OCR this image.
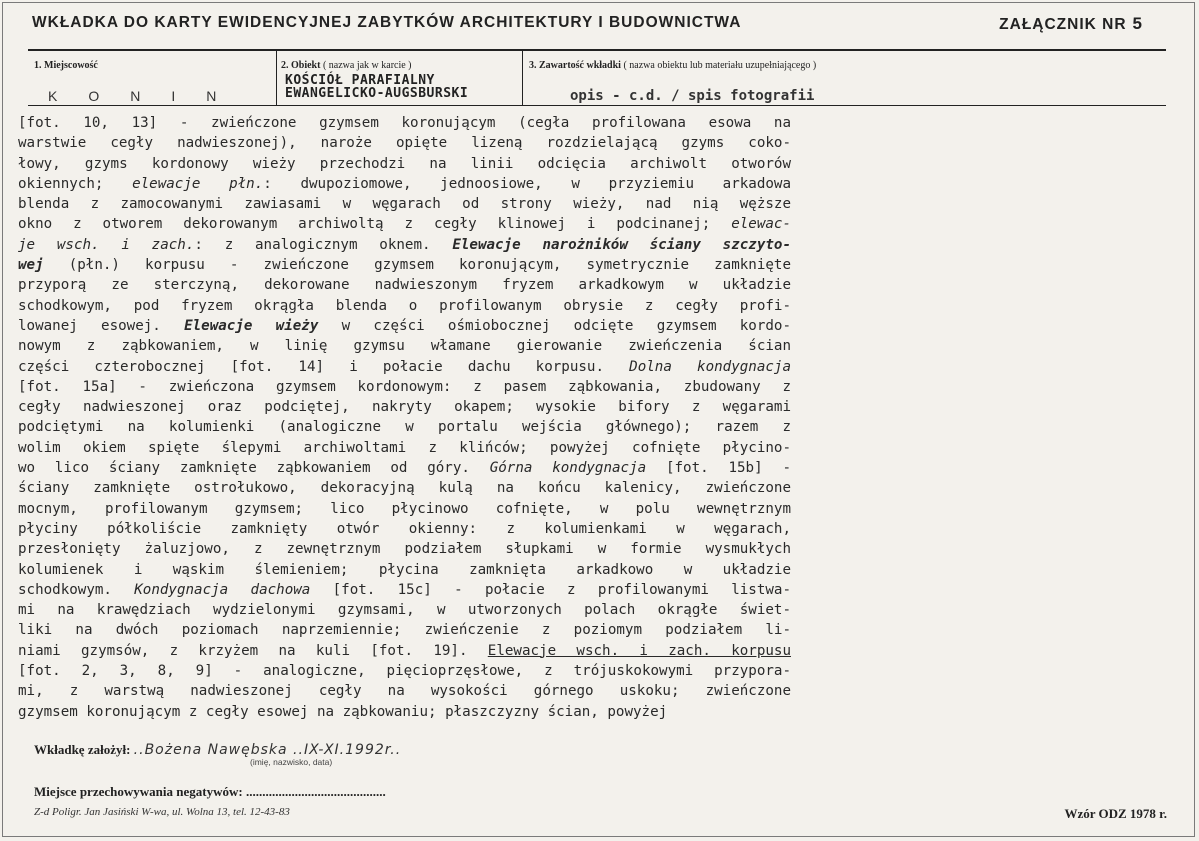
WKŁADKA DO KARTY EWIDENCYJNEJ ZABYTKÓW ARCHITEKTURY I BUDOWNICTWA	ZAŁĄCZNIK NR 5
1. Miejscowość	2. Obiekt ( nazwa jak w karcie )	3. Zawartość wkładki ( nazwa obiektu lub materiału uzupełniającego )
KONIN
KOŚCIÓŁ PARAFIALNY
EWANGELICKO-AUGSBURSKI	opis - c.d. / spis fotografii
[fot. 10, 13] - zwieńczone gzymsem koronującym (cegła profilowana esowa na
warstwie cegły nadwieszonej), naroże opięte lizeną rozdzielającą gzyms coko-
łowy, gzyms kordonowy wieży przechodzi na linii odcięcia archiwolt otworów
okiennych; elewacje płn.: dwupoziomowe, jednoosiowe, w przyziemiu arkadowa
blenda z zamocowanymi zawiasami w węgarach od strony wieży, nad nią węższe
okno z otworem dekorowanym archiwoltą z cegły klinowej i podcinanej; elewac-
je wsch. i zach.: z analogicznym oknem. Elewacje narożników ściany szczyto-
wej (płn.) korpusu - zwieńczone gzymsem koronującym, symetrycznie zamknięte
przyporą ze sterczyną, dekorowane nadwieszonym fryzem arkadkowym w układzie
schodkowym, pod fryzem okrągła blenda o profilowanym obrysie z cegły profi-
lowanej esowej. Elewacje wieży w części ośmiobocznej odcięte gzymsem kordo-
nowym z ząbkowaniem, w linię gzymsu włamane gierowanie zwieńczenia ścian
części czterobocznej [fot. 14] i połacie dachu korpusu. Dolna kondygnacja
[fot. 15a] - zwieńczona gzymsem kordonowym: z pasem ząbkowania, zbudowany z
cegły nadwieszonej oraz podciętej, nakryty okapem; wysokie bifory z węgarami
podciętymi na kolumienki (analogiczne w portalu wejścia głównego); razem z
wolim okiem spięte ślepymi archiwoltami z klińców; powyżej cofnięte płycino-
wo lico ściany zamknięte ząbkowaniem od góry. Górna kondygnacja [fot. 15b] -
ściany zamknięte ostrołukowo, dekoracyjną kulą na końcu kalenicy, zwieńczone
mocnym, profilowanym gzymsem; lico płycinowo cofnięte, w polu wewnętrznym
płyciny półkoliście zamknięty otwór okienny: z kolumienkami w węgarach,
przesłonięty żaluzjowo, z zewnętrznym podziałem słupkami w formie wysmukłych
kolumienek i wąskim ślemieniem; płycina zamknięta arkadkowo w układzie
schodkowym. Kondygnacja dachowa [fot. 15c] - połacie z profilowanymi listwa-
mi na krawędziach wydzielonymi gzymsami, w utworzonych polach okrągłe świet-
liki na dwóch poziomach naprzemiennie; zwieńczenie z poziomym podziałem li-
niami gzymsów, z krzyżem na kuli [fot. 19]. Elewacje wsch. i zach. korpusu
[fot. 2, 3, 8, 9] - analogiczne, pięcioprzęsłowe, z trójuskokowymi przypora-
mi, z warstwą nadwieszonej cegły na wysokości górnego uskoku; zwieńczone
gzymsem koronującym z cegły esowej na ząbkowaniu; płaszczyzny ścian, powyżej
Wkładkę założył: ..Bożena Nawębska ..IX-XI.1992r..
(imię, nazwisko, data)
Miejsce przechowywania negatywów: ...........................................
Z-d Poligr. Jan Jasiński W-wa, ul. Wolna 13, tel. 12-43-83	Wzór ODZ 1978 r.
